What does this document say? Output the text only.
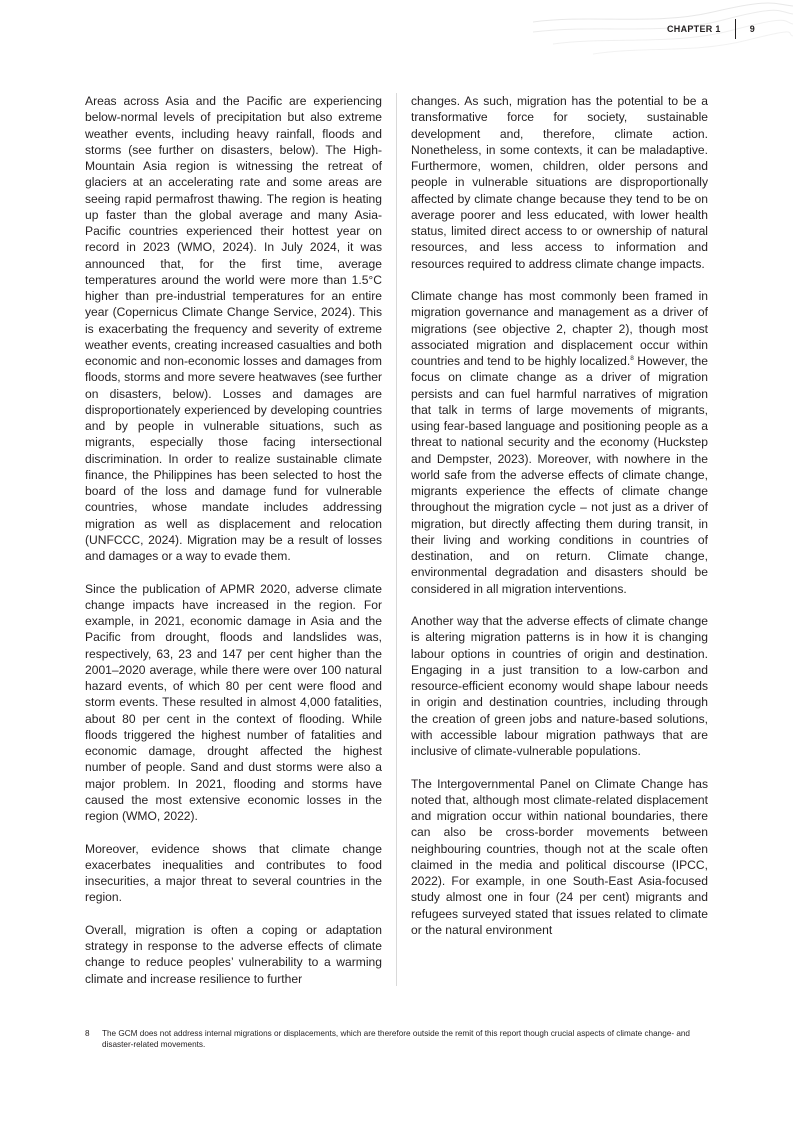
CHAPTER 1	9

Areas across Asia and the Pacific are experiencing below-normal levels of precipitation but also extreme weather events, including heavy rainfall, floods and storms (see further on disasters, below). The High-Mountain Asia region is witnessing the retreat of glaciers at an accelerating rate and some areas are seeing rapid permafrost thawing. The region is heating up faster than the global average and many Asia-Pacific countries experienced their hottest year on record in 2023 (WMO, 2024). In July 2024, it was announced that, for the first time, average temperatures around the world were more than 1.5°C higher than pre-industrial temperatures for an entire year (Copernicus Climate Change Service, 2024). This is exacerbating the frequency and severity of extreme weather events, creating increased casualties and both economic and non-economic losses and damages from floods, storms and more severe heatwaves (see further on disasters, below). Losses and damages are disproportionately experienced by developing countries and by people in vulnerable situations, such as migrants, especially those facing intersectional discrimination. In order to realize sustainable climate finance, the Philippines has been selected to host the board of the loss and damage fund for vulnerable countries, whose mandate includes addressing migration as well as displacement and relocation (UNFCCC, 2024). Migration may be a result of losses and damages or a way to evade them.

Since the publication of APMR 2020, adverse climate change impacts have increased in the region. For example, in 2021, economic damage in Asia and the Pacific from drought, floods and landslides was, respectively, 63, 23 and 147 per cent higher than the 2001–2020 average, while there were over 100 natural hazard events, of which 80 per cent were flood and storm events. These resulted in almost 4,000 fatalities, about 80 per cent in the context of flooding. While floods triggered the highest number of fatalities and economic damage, drought affected the highest number of people. Sand and dust storms were also a major problem. In 2021, flooding and storms have caused the most extensive economic losses in the region (WMO, 2022).

Moreover, evidence shows that climate change exacerbates inequalities and contributes to food insecurities, a major threat to several countries in the region.

Overall, migration is often a coping or adaptation strategy in response to the adverse effects of climate change to reduce peoples’ vulnerability to a warming climate and increase resilience to further

changes. As such, migration has the potential to be a transformative force for society, sustainable development and, therefore, climate action. Nonetheless, in some contexts, it can be maladaptive. Furthermore, women, children, older persons and people in vulnerable situations are disproportionally affected by climate change because they tend to be on average poorer and less educated, with lower health status, limited direct access to or ownership of natural resources, and less access to information and resources required to address climate change impacts.

Climate change has most commonly been framed in migration governance and management as a driver of migrations (see objective 2, chapter 2), though most associated migration and displacement occur within countries and tend to be highly localized.$^8$ However, the focus on climate change as a driver of migration persists and can fuel harmful narratives of migration that talk in terms of large movements of migrants, using fear-based language and positioning people as a threat to national security and the economy (Huckstep and Dempster, 2023). Moreover, with nowhere in the world safe from the adverse effects of climate change, migrants experience the effects of climate change throughout the migration cycle – not just as a driver of migration, but directly affecting them during transit, in their living and working conditions in countries of destination, and on return. Climate change, environmental degradation and disasters should be considered in all migration interventions.

Another way that the adverse effects of climate change is altering migration patterns is in how it is changing labour options in countries of origin and destination. Engaging in a just transition to a low-carbon and resource-efficient economy would shape labour needs in origin and destination countries, including through the creation of green jobs and nature-based solutions, with accessible labour migration pathways that are inclusive of climate-vulnerable populations.

The Intergovernmental Panel on Climate Change has noted that, although most climate-related displacement and migration occur within national boundaries, there can also be cross-border movements between neighbouring countries, though not at the scale often claimed in the media and political discourse (IPCC, 2022). For example, in one South-East Asia-focused study almost one in four (24 per cent) migrants and refugees surveyed stated that issues related to climate or the natural environment

8	The GCM does not address internal migrations or displacements, which are therefore outside the remit of this report though crucial aspects of climate change- and disaster-related movements.
